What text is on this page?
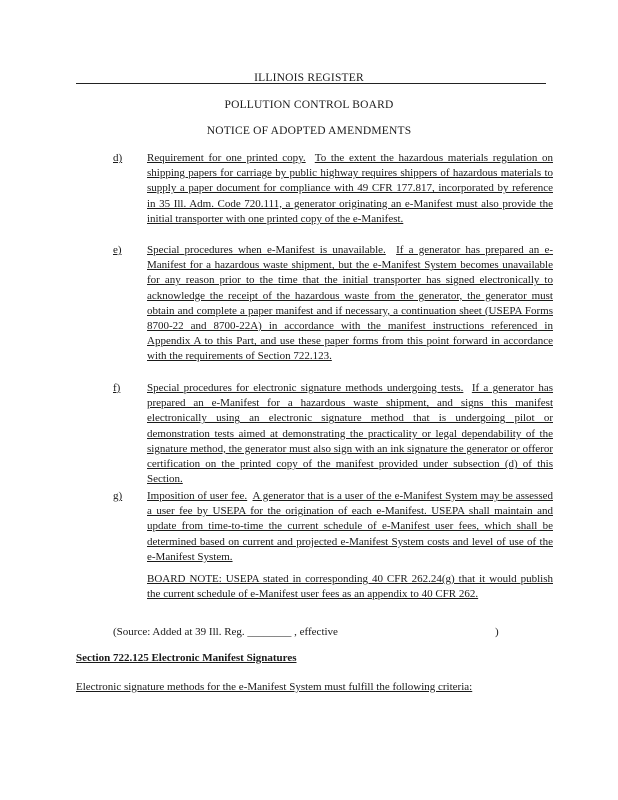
ILLINOIS REGISTER
POLLUTION CONTROL BOARD
NOTICE OF ADOPTED AMENDMENTS
d) Requirement for one printed copy. To the extent the hazardous materials regulation on shipping papers for carriage by public highway requires shippers of hazardous materials to supply a paper document for compliance with 49 CFR 177.817, incorporated by reference in 35 Ill. Adm. Code 720.111, a generator originating an e-Manifest must also provide the initial transporter with one printed copy of the e-Manifest.
e) Special procedures when e-Manifest is unavailable. If a generator has prepared an e-Manifest for a hazardous waste shipment, but the e-Manifest System becomes unavailable for any reason prior to the time that the initial transporter has signed electronically to acknowledge the receipt of the hazardous waste from the generator, the generator must obtain and complete a paper manifest and if necessary, a continuation sheet (USEPA Forms 8700-22 and 8700-22A) in accordance with the manifest instructions referenced in Appendix A to this Part, and use these paper forms from this point forward in accordance with the requirements of Section 722.123.
f) Special procedures for electronic signature methods undergoing tests. If a generator has prepared an e-Manifest for a hazardous waste shipment, and signs this manifest electronically using an electronic signature method that is undergoing pilot or demonstration tests aimed at demonstrating the practicality or legal dependability of the signature method, the generator must also sign with an ink signature the generator or offeror certification on the printed copy of the manifest provided under subsection (d) of this Section.
g) Imposition of user fee. A generator that is a user of the e-Manifest System may be assessed a user fee by USEPA for the origination of each e-Manifest. USEPA shall maintain and update from time-to-time the current schedule of e-Manifest user fees, which shall be determined based on current and projected e-Manifest System costs and level of use of the e-Manifest System.
BOARD NOTE: USEPA stated in corresponding 40 CFR 262.24(g) that it would publish the current schedule of e-Manifest user fees as an appendix to 40 CFR 262.
(Source: Added at 39 Ill. Reg. ________ , effective	)
Section 722.125 Electronic Manifest Signatures
Electronic signature methods for the e-Manifest System must fulfill the following criteria:
